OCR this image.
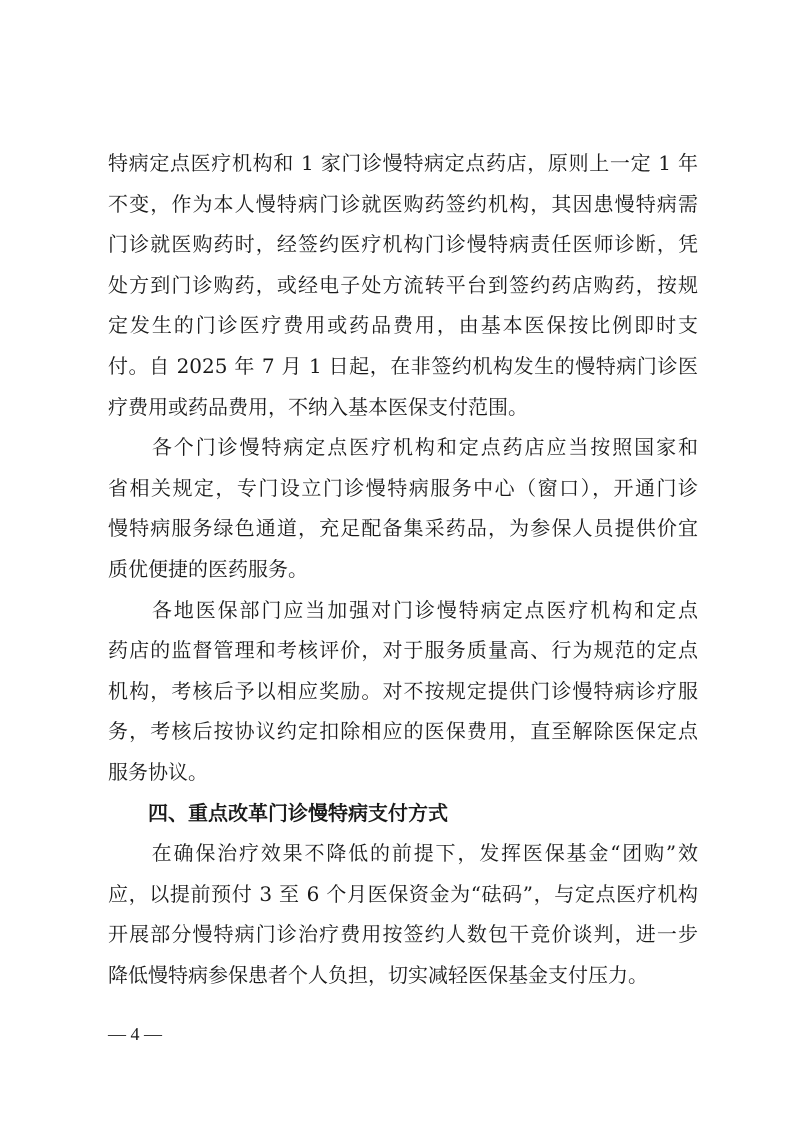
特病定点医疗机构和 1 家门诊慢特病定点药店，原则上一定 1 年
不变，作为本人慢特病门诊就医购药签约机构，其因患慢特病需
门诊就医购药时，经签约医疗机构门诊慢特病责任医师诊断，凭
处方到门诊购药，或经电子处方流转平台到签约药店购药，按规
定发生的门诊医疗费用或药品费用，由基本医保按比例即时支
付。自 2025 年 7 月 1 日起，在非签约机构发生的慢特病门诊医
疗费用或药品费用，不纳入基本医保支付范围。
　　各个门诊慢特病定点医疗机构和定点药店应当按照国家和
省相关规定，专门设立门诊慢特病服务中心（窗口），开通门诊
慢特病服务绿色通道，充足配备集采药品，为参保人员提供价宜
质优便捷的医药服务。
　　各地医保部门应当加强对门诊慢特病定点医疗机构和定点
药店的监督管理和考核评价，对于服务质量高、行为规范的定点
机构，考核后予以相应奖励。对不按规定提供门诊慢特病诊疗服
务，考核后按协议约定扣除相应的医保费用，直至解除医保定点
服务协议。
　　四、重点改革门诊慢特病支付方式
　　在确保治疗效果不降低的前提下，发挥医保基金“团购”效
应，以提前预付 3 至 6 个月医保资金为“砝码”，与定点医疗机构
开展部分慢特病门诊治疗费用按签约人数包干竞价谈判，进一步
降低慢特病参保患者个人负担，切实减轻医保基金支付压力。
— 4 —
